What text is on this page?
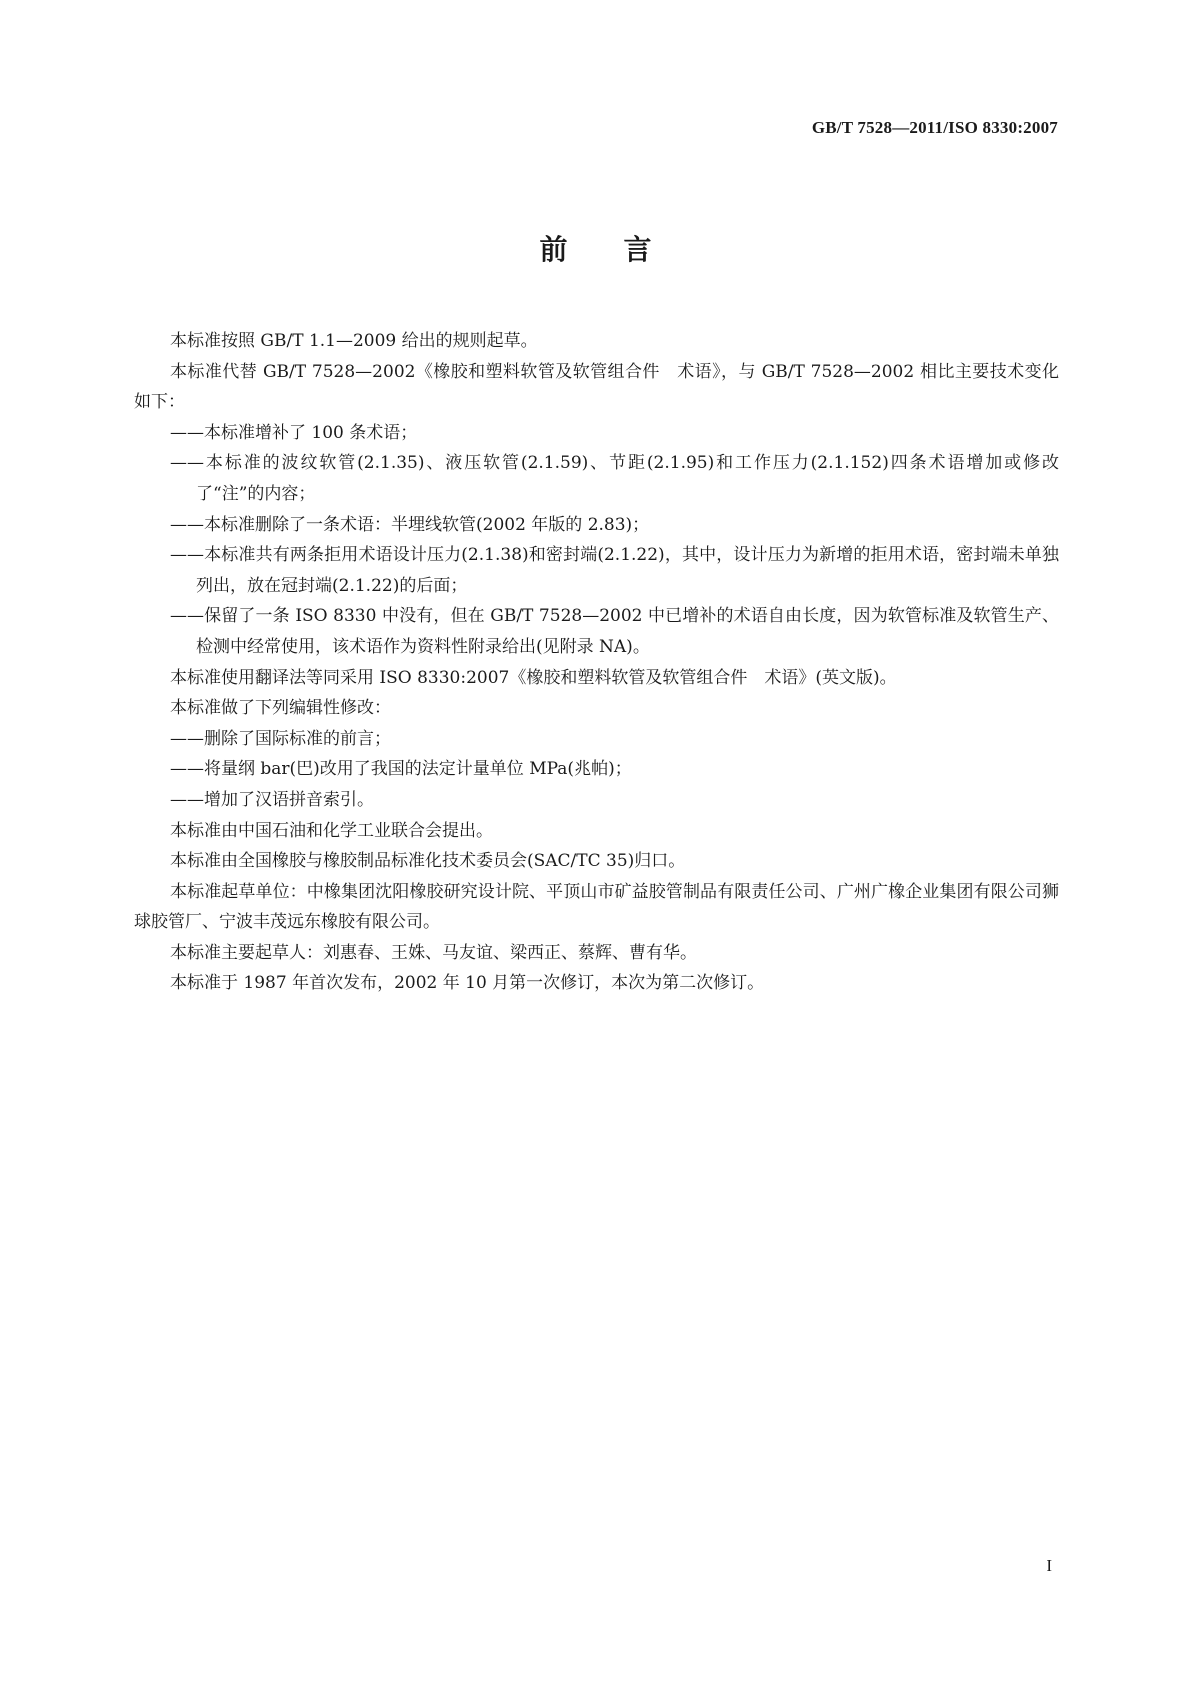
GB/T 7528—2011/ISO 8330:2007
前 言

本标准按照 GB/T 1.1—2009 给出的规则起草。

本标准代替 GB/T 7528—2002《橡胶和塑料软管及软管组合件　术语》，与 GB/T 7528—2002 相比主要技术变化如下：

——本标准增补了 100 条术语；

——本标准的波纹软管(2.1.35)、液压软管(2.1.59)、节距(2.1.95)和工作压力(2.1.152)四条术语增加或修改了“注”的内容；

——本标准删除了一条术语：半埋线软管(2002 年版的 2.83)；

——本标准共有两条拒用术语设计压力(2.1.38)和密封端(2.1.22)，其中，设计压力为新增的拒用术语，密封端未单独列出，放在冠封端(2.1.22)的后面；

——保留了一条 ISO 8330 中没有，但在 GB/T 7528—2002 中已增补的术语自由长度，因为软管标准及软管生产、检测中经常使用，该术语作为资料性附录给出(见附录 NA)。

本标准使用翻译法等同采用 ISO 8330:2007《橡胶和塑料软管及软管组合件　术语》(英文版)。

本标准做了下列编辑性修改：

——删除了国际标准的前言；

——将量纲 bar(巴)改用了我国的法定计量单位 MPa(兆帕)；

——增加了汉语拼音索引。

本标准由中国石油和化学工业联合会提出。

本标准由全国橡胶与橡胶制品标准化技术委员会(SAC/TC 35)归口。

本标准起草单位：中橡集团沈阳橡胶研究设计院、平顶山市矿益胶管制品有限责任公司、广州广橡企业集团有限公司狮球胶管厂、宁波丰茂远东橡胶有限公司。

本标准主要起草人：刘惠春、王姝、马友谊、梁西正、蔡辉、曹有华。

本标准于 1987 年首次发布，2002 年 10 月第一次修订，本次为第二次修订。

I
